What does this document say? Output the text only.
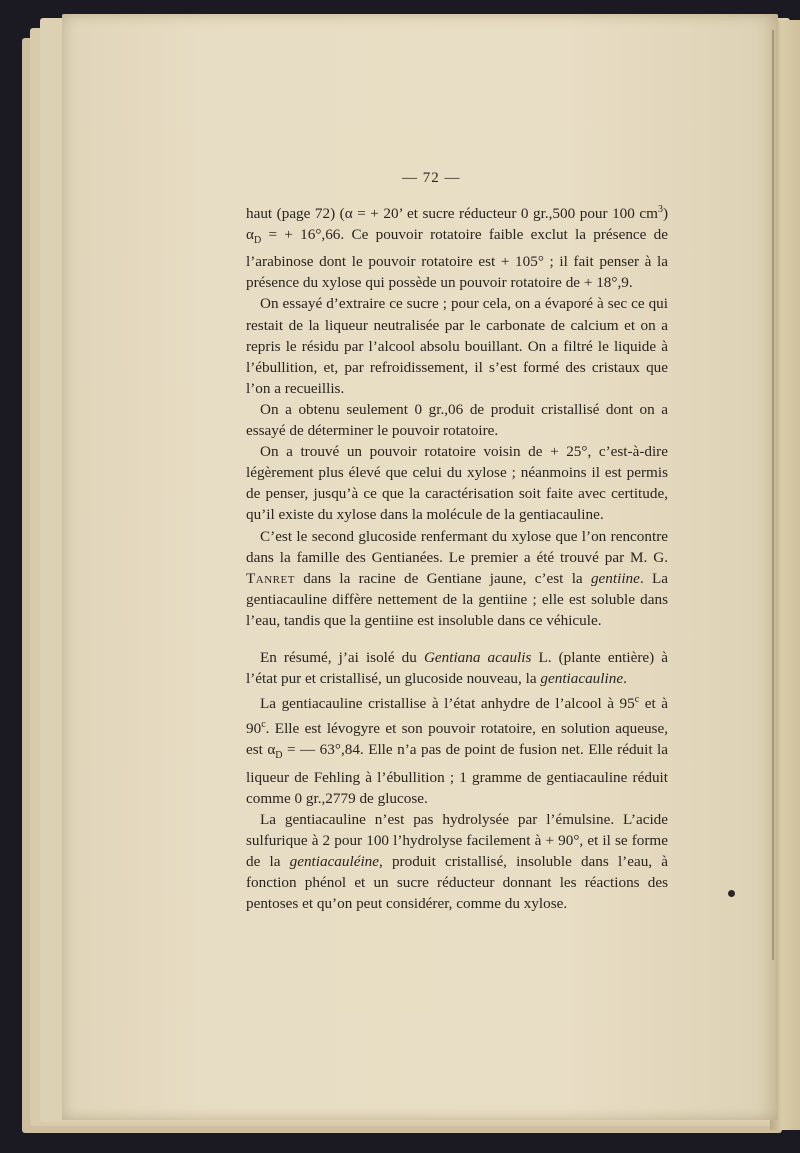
— 72 —

haut (page 72) (α = + 20’ et sucre réducteur 0 gr.,500 pour 100 $cm^3$) $\alpha_D$ = + 16°,66. Ce pouvoir rotatoire faible exclut la présence de l’arabinose dont le pouvoir rotatoire est + 105° ; il fait penser à la présence du xylose qui possède un pouvoir rotatoire de + 18°,9.

On essayé d’extraire ce sucre ; pour cela, on a évaporé à sec ce qui restait de la liqueur neutralisée par le carbonate de calcium et on a repris le résidu par l’alcool absolu bouillant. On a filtré le liquide à l’ébullition, et, par refroidissement, il s’est formé des cristaux que l’on a recueillis.

On a obtenu seulement 0 gr.,06 de produit cristallisé dont on a essayé de déterminer le pouvoir rotatoire.

On a trouvé un pouvoir rotatoire voisin de + 25°, c’est-à-dire légèrement plus élevé que celui du xylose ; néanmoins il est permis de penser, jusqu’à ce que la caractérisation soit faite avec certitude, qu’il existe du xylose dans la molécule de la gentiacauline.

C’est le second glucoside renfermant du xylose que l’on rencontre dans la famille des Gentianées. Le premier a été trouvé par M. G. Tanret dans la racine de Gentiane jaune, c’est la gentiine. La gentiacauline diffère nettement de la gentiine ; elle est soluble dans l’eau, tandis que la gentiine est insoluble dans ce véhicule.

En résumé, j’ai isolé du Gentiana acaulis L. (plante entière) à l’état pur et cristallisé, un glucoside nouveau, la gentiacauline.

La gentiacauline cristallise à l’état anhydre de l’alcool à 95$^c$ et à 90$^c$. Elle est lévogyre et son pouvoir rotatoire, en solution aqueuse, est $\alpha_D$ = — 63°,84. Elle n’a pas de point de fusion net. Elle réduit la liqueur de Fehling à l’ébullition ; 1 gramme de gentiacauline réduit comme 0 gr.,2779 de glucose.

La gentiacauline n’est pas hydrolysée par l’émulsine. L’acide sulfurique à 2 pour 100 l’hydrolyse facilement à + 90°, et il se forme de la gentiacauléine, produit cristallisé, insoluble dans l’eau, à fonction phénol et un sucre réducteur donnant les réactions des pentoses et qu’on peut considérer, comme du xylose.
